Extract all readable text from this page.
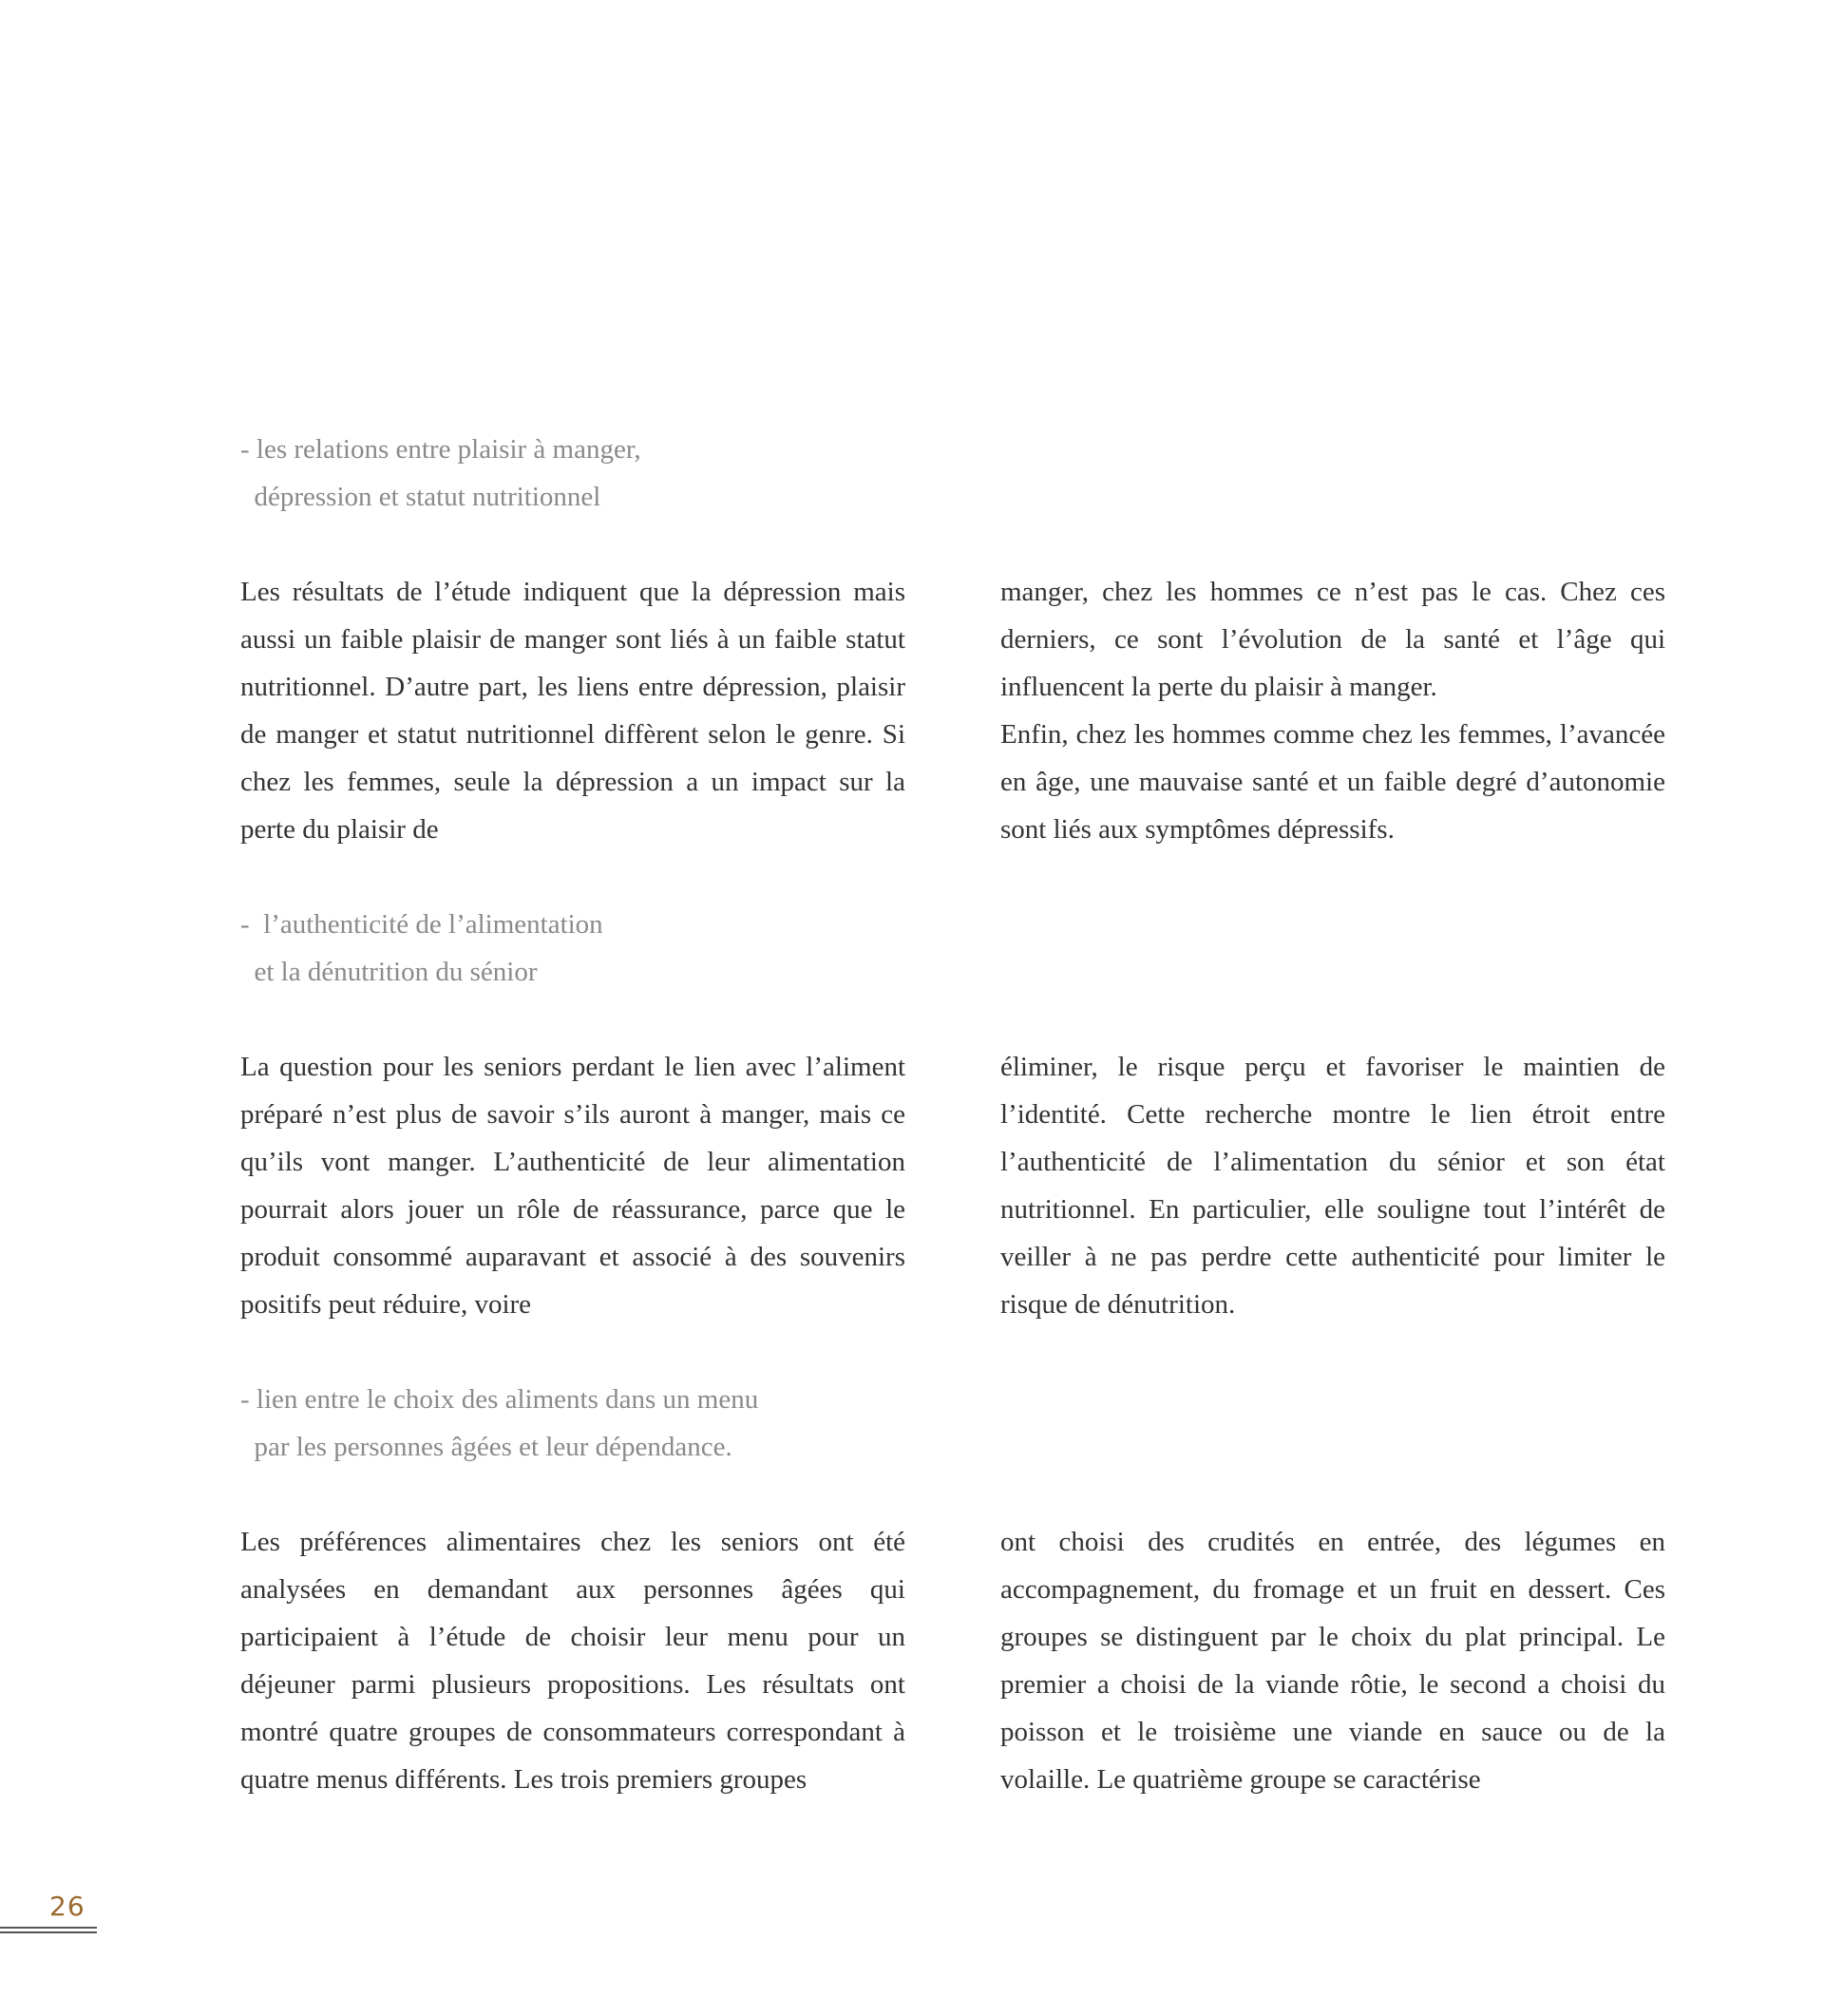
- les relations entre plaisir à manger,
dépression et statut nutritionnel

Les résultats de l’étude indiquent que la dépression mais aussi un faible plaisir de manger sont liés à un faible statut nutritionnel. D’autre part, les liens entre dépression, plaisir de manger et statut nutritionnel diffèrent selon le genre. Si chez les femmes, seule la dépression a un impact sur la perte du plaisir de

manger, chez les hommes ce n’est pas le cas. Chez ces derniers, ce sont l’évolution de la santé et l’âge qui influencent la perte du plaisir à manger.

Enfin, chez les hommes comme chez les femmes, l’avancée en âge, une mauvaise santé et un faible degré d’autonomie sont liés aux symptômes dépressifs.

-  l’authenticité de l’alimentation
et la dénutrition du sénior

La question pour les seniors perdant le lien avec l’aliment préparé n’est plus de savoir s’ils auront à manger, mais ce qu’ils vont manger. L’authenticité de leur alimentation pourrait alors jouer un rôle de réassurance, parce que le produit consommé auparavant et associé à des souvenirs positifs peut réduire, voire

éliminer, le risque perçu et favoriser le maintien de l’identité. Cette recherche montre le lien étroit entre l’authenticité de l’alimentation du sénior et son état nutritionnel. En particulier, elle souligne tout l’intérêt de veiller à ne pas perdre cette authenticité pour limiter le risque de dénutrition.

- lien entre le choix des aliments dans un menu
par les personnes âgées et leur dépendance.

Les préférences alimentaires chez les seniors ont été analysées en demandant aux personnes âgées qui participaient à l’étude de choisir leur menu pour un déjeuner parmi plusieurs propositions. Les résultats ont montré quatre groupes de consommateurs correspondant à quatre menus différents. Les trois premiers groupes

ont choisi des crudités en entrée, des légumes en accompagnement, du fromage et un fruit en dessert. Ces groupes se distinguent par le choix du plat principal. Le premier a choisi de la viande rôtie, le second a choisi du poisson et le troisième une viande en sauce ou de la volaille. Le quatrième groupe se caractérise

26
